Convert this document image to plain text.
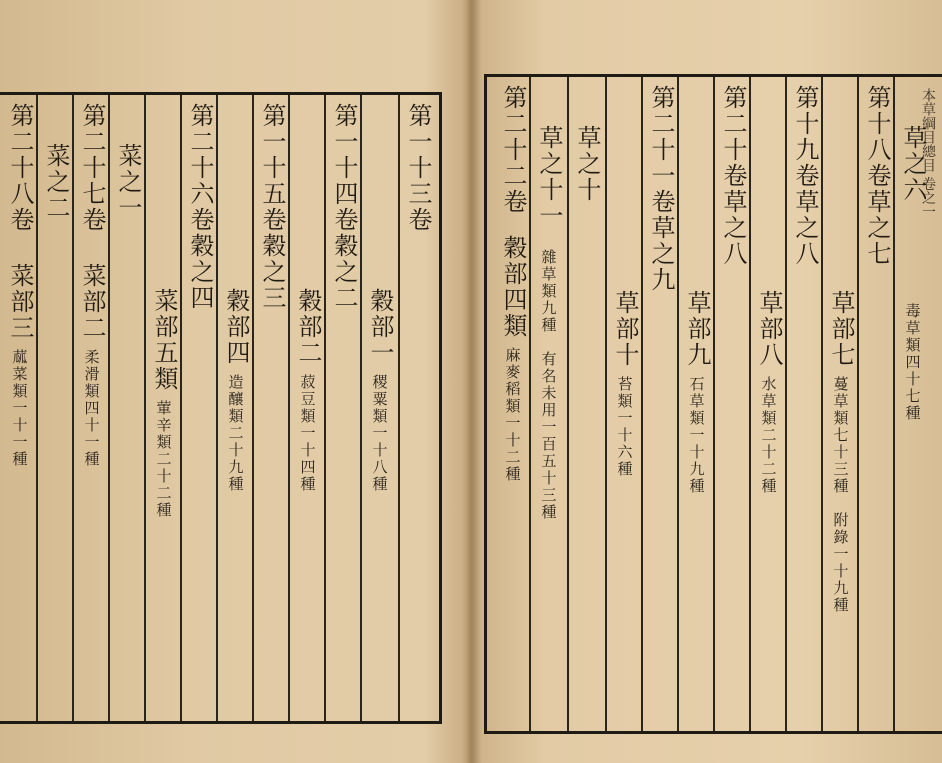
第一十三卷
穀部一
稷粟類一十八種
第一十四卷
穀之二
穀部二
菽豆類一十四種
第一十五卷
穀之三
穀部四
造釀類二十九種
第二十六卷
穀之四
菜部五類
葷辛類二十二種
菜之一
第二十七卷
菜部二
柔滑類四十一種
菜之二
第二十八卷
菜部三
蓏菜類一十一種
本草綱目總目 卷之一
草之六
毒草類四十七種
第十八卷
草之七
草部七
蔓草類七十三種　附錄一十九種
第十九卷
草之八
草部八
水草類二十二種
第二十卷
草之八
草部九
石草類一十九種
第二十一卷
草之九
草部十
苔類一十六種
草之十
草之十一
雜草類九種　有名未用一百五十三種
第二十二卷
穀部四類
麻麥稻類一十二種
